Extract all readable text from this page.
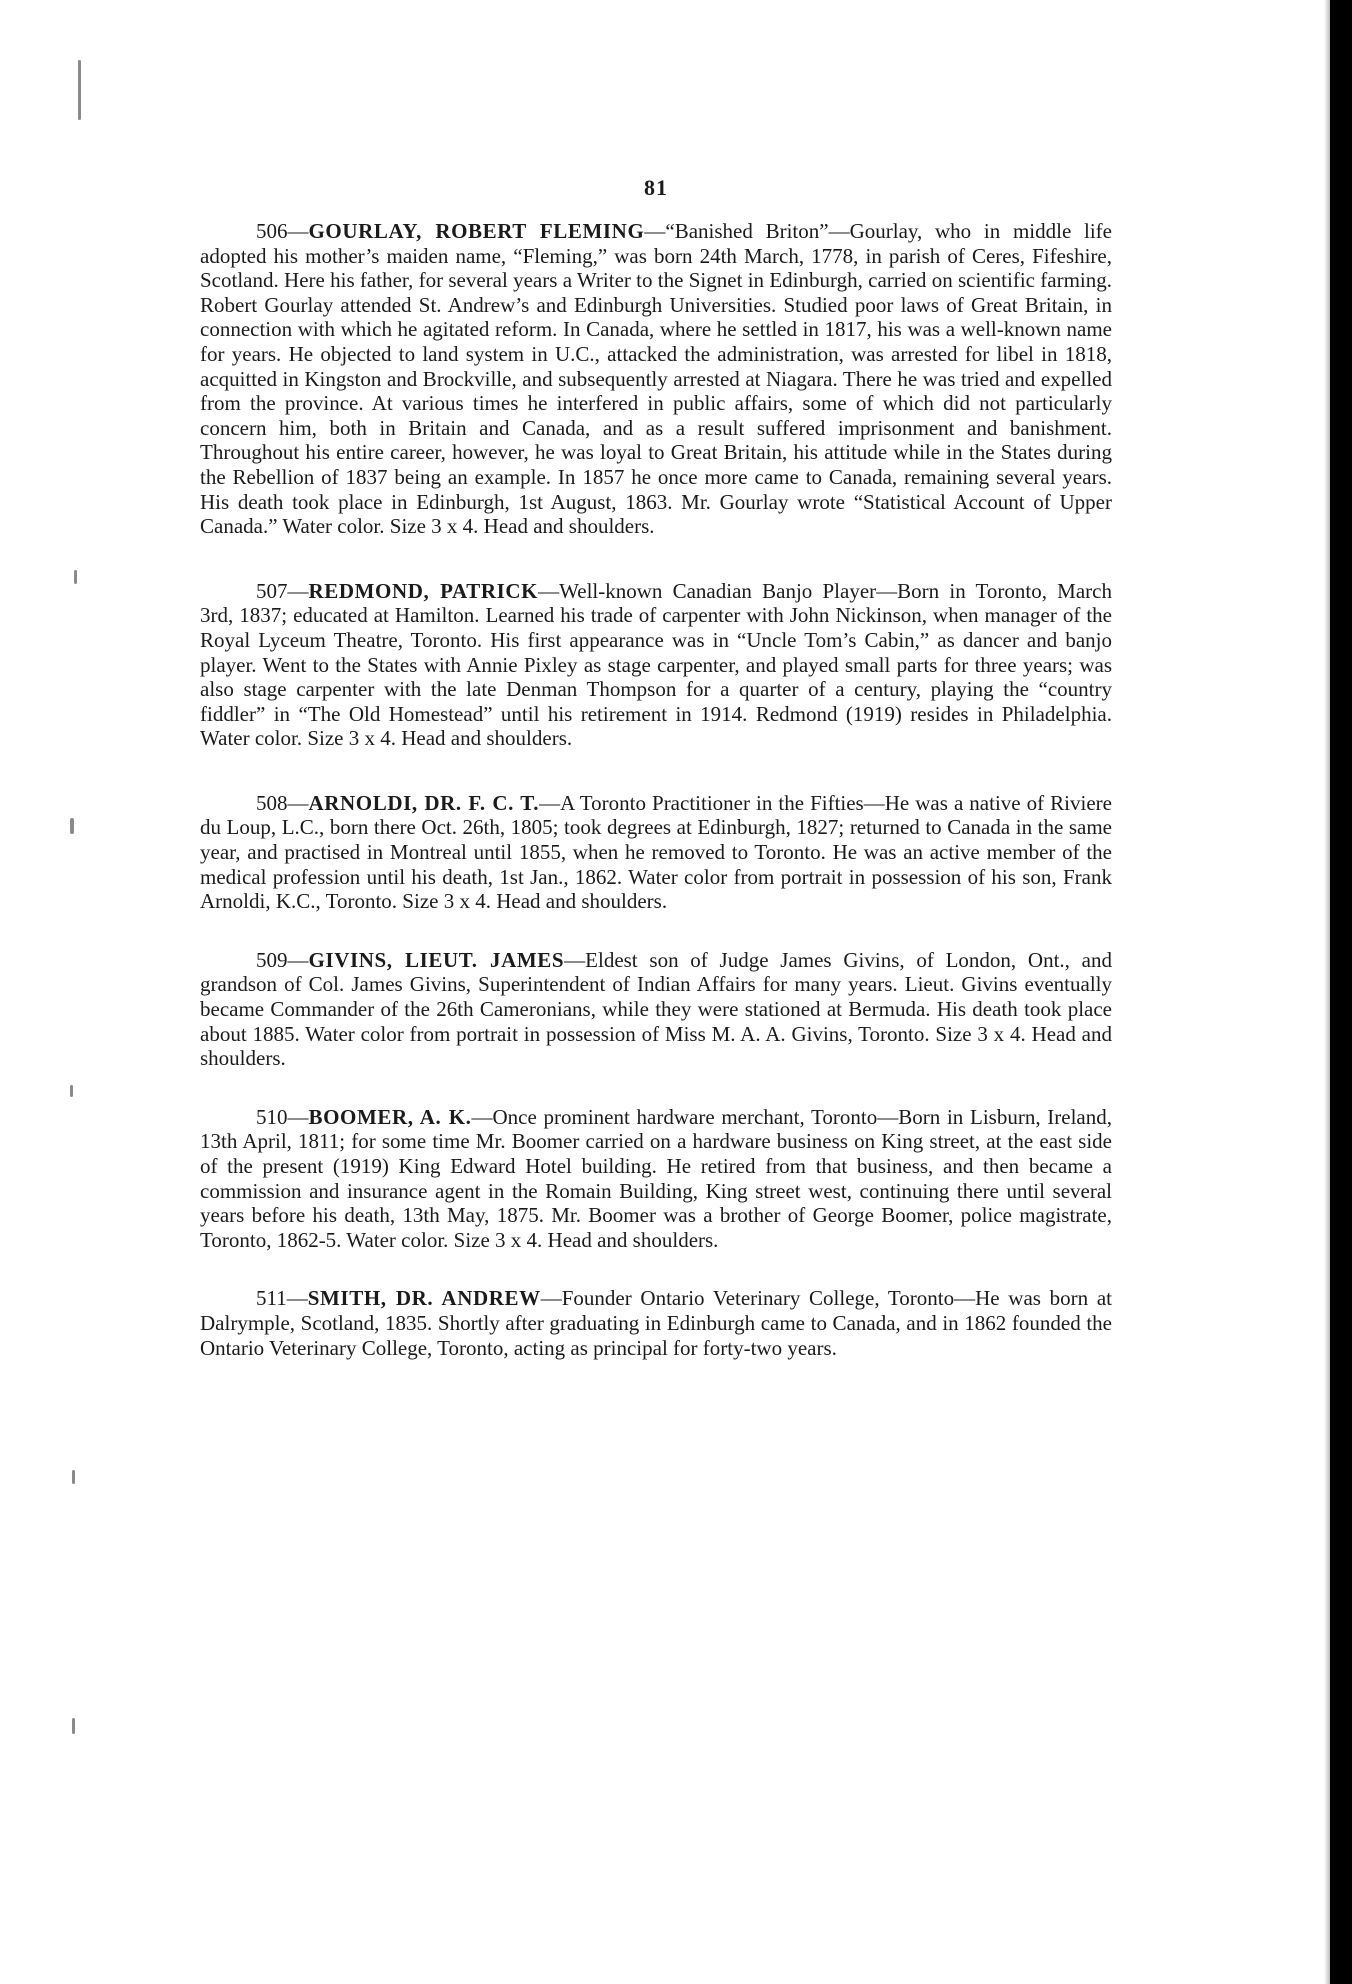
81

506—GOURLAY, ROBERT FLEMING—“Banished Briton”—Gourlay, who in middle life adopted his mother’s maiden name, “Fleming,” was born 24th March, 1778, in parish of Ceres, Fifeshire, Scotland. Here his father, for several years a Writer to the Signet in Edinburgh, carried on scientific farming. Robert Gourlay attended St. Andrew’s and Edinburgh Universities. Studied poor laws of Great Britain, in connection with which he agitated reform. In Canada, where he settled in 1817, his was a well-known name for years. He objected to land system in U.C., attacked the administration, was arrested for libel in 1818, acquitted in Kingston and Brockville, and subsequently arrested at Niagara. There he was tried and expelled from the province. At various times he interfered in public affairs, some of which did not particularly concern him, both in Britain and Canada, and as a result suffered imprisonment and banishment. Throughout his entire career, however, he was loyal to Great Britain, his attitude while in the States during the Rebellion of 1837 being an example. In 1857 he once more came to Canada, remaining several years. His death took place in Edinburgh, 1st August, 1863. Mr. Gourlay wrote “Statistical Account of Upper Canada.” Water color. Size 3 x 4. Head and shoulders.

507—REDMOND, PATRICK—Well-known Canadian Banjo Player—Born in Toronto, March 3rd, 1837; educated at Hamilton. Learned his trade of carpenter with John Nickinson, when manager of the Royal Lyceum Theatre, Toronto. His first appearance was in “Uncle Tom’s Cabin,” as dancer and banjo player. Went to the States with Annie Pixley as stage carpenter, and played small parts for three years; was also stage carpenter with the late Denman Thompson for a quarter of a century, playing the “country fiddler” in “The Old Homestead” until his retirement in 1914. Redmond (1919) resides in Philadelphia. Water color. Size 3 x 4. Head and shoulders.

508—ARNOLDI, DR. F. C. T.—A Toronto Practitioner in the Fifties—He was a native of Riviere du Loup, L.C., born there Oct. 26th, 1805; took degrees at Edinburgh, 1827; returned to Canada in the same year, and practised in Montreal until 1855, when he removed to Toronto. He was an active member of the medical profession until his death, 1st Jan., 1862. Water color from portrait in possession of his son, Frank Arnoldi, K.C., Toronto. Size 3 x 4. Head and shoulders.

509—GIVINS, LIEUT. JAMES—Eldest son of Judge James Givins, of London, Ont., and grandson of Col. James Givins, Superintendent of Indian Affairs for many years. Lieut. Givins eventually became Commander of the 26th Cameronians, while they were stationed at Bermuda. His death took place about 1885. Water color from portrait in possession of Miss M. A. A. Givins, Toronto. Size 3 x 4. Head and shoulders.

510—BOOMER, A. K.—Once prominent hardware merchant, Toronto—Born in Lisburn, Ireland, 13th April, 1811; for some time Mr. Boomer carried on a hardware business on King street, at the east side of the present (1919) King Edward Hotel building. He retired from that business, and then became a commission and insurance agent in the Romain Building, King street west, continuing there until several years before his death, 13th May, 1875. Mr. Boomer was a brother of George Boomer, police magistrate, Toronto, 1862-5. Water color. Size 3 x 4. Head and shoulders.

511—SMITH, DR. ANDREW—Founder Ontario Veterinary College, Toronto—He was born at Dalrymple, Scotland, 1835. Shortly after graduating in Edinburgh came to Canada, and in 1862 founded the Ontario Veterinary College, Toronto, acting as principal for forty-two years.
